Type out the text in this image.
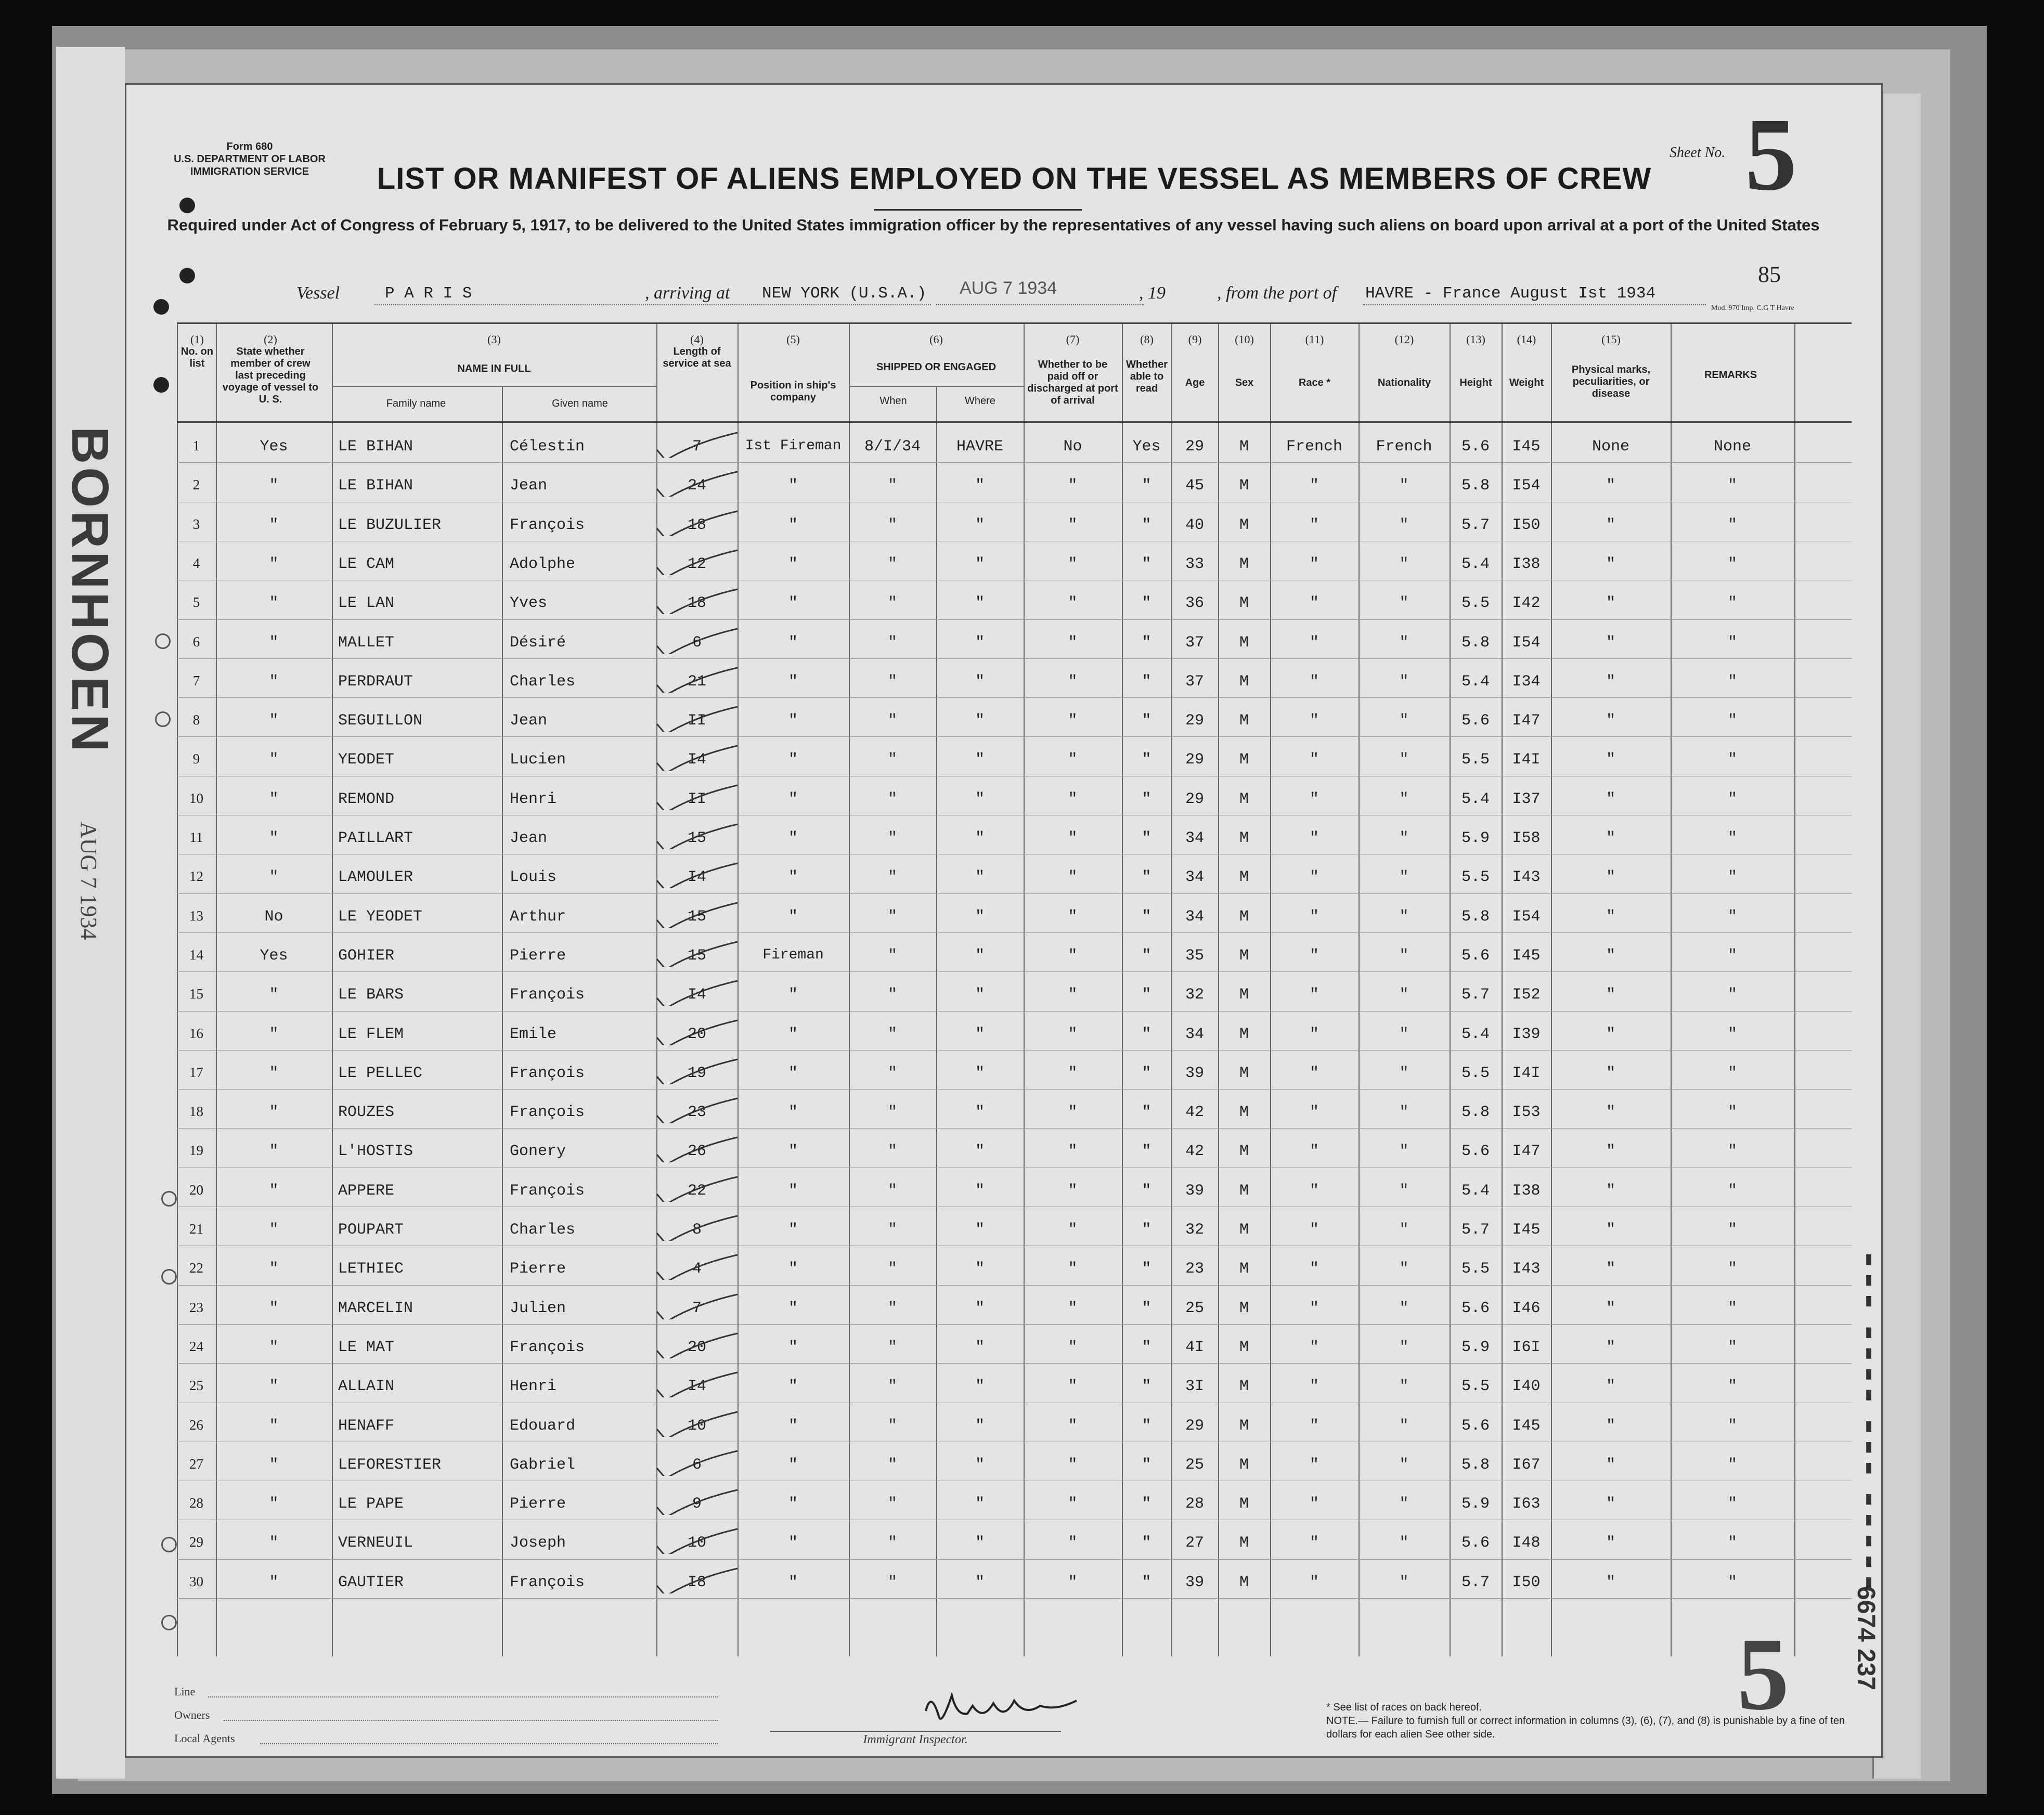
BORNHOEN
AUG 7 1934
▮▮▮ ▮▮▮▮ ▮▮▮ ▮▮▮▮▮
6674 237
Form 680
U.S. DEPARTMENT OF LABOR
IMMIGRATION SERVICE
Sheet No. 5
5
LIST OR MANIFEST OF ALIENS EMPLOYED ON THE VESSEL AS MEMBERS OF CREW
Required under Act of Congress of February 5, 1917, to be delivered to the United States immigration officer by the representatives of any vessel having such aliens on board upon arrival at a port of the United States
85
Mod. 970 Imp. C.G T Havre
Vessel	P A R I S	, arriving at NEW YORK (U.S.A.) AUG 7 1934	, 19	, from the port of HAVRE - France August Ist 1934
(1)
No. on list
(2)
State whether member of crew last preceding voyage of vessel to U. S.
(3)
NAME IN FULL
Family name	Given name
(4)
Length of service at sea
(5)
Position in ship's company
(6)
SHIPPED OR ENGAGED
When	Where
(7)
Whether to be paid off or discharged at port of arrival
(8)
Whether able to read
(9)
Age
(10)
Sex
(11)
Race *
(12)
Nationality
(13)
Height
(14)
Weight
(15)
Physical marks, peculiarities, or disease
REMARKS
1	Yes	LE BIHAN	Célestin	7	Ist Fireman	8/I/34	HAVRE	No	Yes	29	M	French	French	5.6	I45	None	None
2	"	LE BIHAN	Jean	24	"	"	"	"	"	45	M	"	"	5.8	I54	"	"
3	"	LE BUZULIER	François	18	"	"	"	"	"	40	M	"	"	5.7	I50	"	"
4	"	LE CAM	Adolphe	12	"	"	"	"	"	33	M	"	"	5.4	I38	"	"
5	"	LE LAN	Yves	18	"	"	"	"	"	36	M	"	"	5.5	I42	"	"
6	"	MALLET	Désiré	6	"	"	"	"	"	37	M	"	"	5.8	I54	"	"
7	"	PERDRAUT	Charles	21	"	"	"	"	"	37	M	"	"	5.4	I34	"	"
8	"	SEGUILLON	Jean	II	"	"	"	"	"	29	M	"	"	5.6	I47	"	"
9	"	YEODET	Lucien	I4	"	"	"	"	"	29	M	"	"	5.5	I4I	"	"
10	"	REMOND	Henri	II	"	"	"	"	"	29	M	"	"	5.4	I37	"	"
11	"	PAILLART	Jean	15	"	"	"	"	"	34	M	"	"	5.9	I58	"	"
12	"	LAMOULER	Louis	I4	"	"	"	"	"	34	M	"	"	5.5	I43	"	"
13	No	LE YEODET	Arthur	15	"	"	"	"	"	34	M	"	"	5.8	I54	"	"
14	Yes	GOHIER	Pierre	15	Fireman	"	"	"	"	35	M	"	"	5.6	I45	"	"
15	"	LE BARS	François	I4	"	"	"	"	"	32	M	"	"	5.7	I52	"	"
16	"	LE FLEM	Emile	20	"	"	"	"	"	34	M	"	"	5.4	I39	"	"
17	"	LE PELLEC	François	19	"	"	"	"	"	39	M	"	"	5.5	I4I	"	"
18	"	ROUZES	François	23	"	"	"	"	"	42	M	"	"	5.8	I53	"	"
19	"	L'HOSTIS	Gonery	26	"	"	"	"	"	42	M	"	"	5.6	I47	"	"
20	"	APPERE	François	22	"	"	"	"	"	39	M	"	"	5.4	I38	"	"
21	"	POUPART	Charles	8	"	"	"	"	"	32	M	"	"	5.7	I45	"	"
22	"	LETHIEC	Pierre	4	"	"	"	"	"	23	M	"	"	5.5	I43	"	"
23	"	MARCELIN	Julien	7	"	"	"	"	"	25	M	"	"	5.6	I46	"	"
24	"	LE MAT	François	20	"	"	"	"	"	4I	M	"	"	5.9	I6I	"	"
25	"	ALLAIN	Henri	I4	"	"	"	"	"	3I	M	"	"	5.5	I40	"	"
26	"	HENAFF	Edouard	10	"	"	"	"	"	29	M	"	"	5.6	I45	"	"
27	"	LEFORESTIER	Gabriel	6	"	"	"	"	"	25	M	"	"	5.8	I67	"	"
28	"	LE PAPE	Pierre	9	"	"	"	"	"	28	M	"	"	5.9	I63	"	"
29	"	VERNEUIL	Joseph	10	"	"	"	"	"	27	M	"	"	5.6	I48	"	"
30	"	GAUTIER	François	I8	"	"	"	"	"	39	M	"	"	5.7	I50	"	"
Line
Owners
Local Agents	Immigrant Inspector.
* See list of races on back hereof.
NOTE.— Failure to furnish full or correct information in columns (3), (6), (7), and (8) is punishable by a fine of ten dollars for each alien See other side.
